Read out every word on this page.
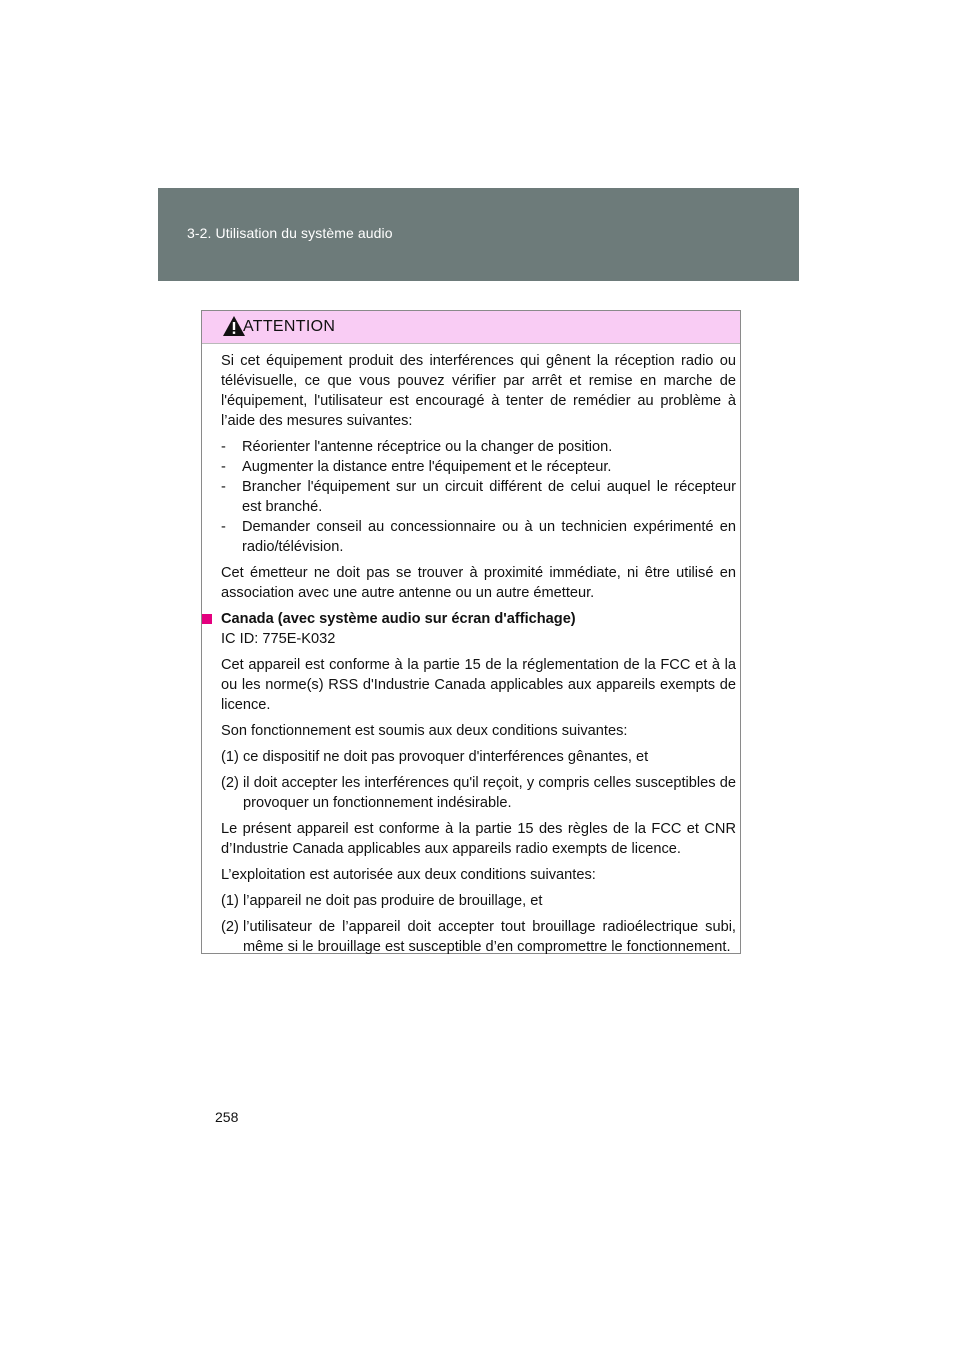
3-2. Utilisation du système audio
ATTENTION

Si cet équipement produit des interférences qui gênent la réception radio ou télévisuelle, ce que vous pouvez vérifier par arrêt et remise en marche de l'équipement, l'utilisateur est encouragé à tenter de remédier au problème à l’aide des mesures suivantes:

- Réorienter l'antenne réceptrice ou la changer de position.
- Augmenter la distance entre l'équipement et le récepteur.
- Brancher l'équipement sur un circuit différent de celui auquel le récepteur est branché.
- Demander conseil au concessionnaire ou à un technicien expérimenté en radio/télévision.

Cet émetteur ne doit pas se trouver à proximité immédiate, ni être utilisé en association avec une autre antenne ou un autre émetteur.

Canada (avec système audio sur écran d'affichage)
IC ID: 775E-K032

Cet appareil est conforme à la partie 15 de la réglementation de la FCC et à la ou les norme(s) RSS d'Industrie Canada applicables aux appareils exempts de licence.

Son fonctionnement est soumis aux deux conditions suivantes:

(1) ce dispositif ne doit pas provoquer d'interférences gênantes, et
(2) il doit accepter les interférences qu'il reçoit, y compris celles susceptibles de provoquer un fonctionnement indésirable.

Le présent appareil est conforme à la partie 15 des règles de la FCC et CNR d’Industrie Canada applicables aux appareils radio exempts de licence.

L’exploitation est autorisée aux deux conditions suivantes:

(1) l’appareil ne doit pas produire de brouillage, et
(2) l’utilisateur de l’appareil doit accepter tout brouillage radioélectrique subi, même si le brouillage est susceptible d’en compromettre le fonctionnement.
258
